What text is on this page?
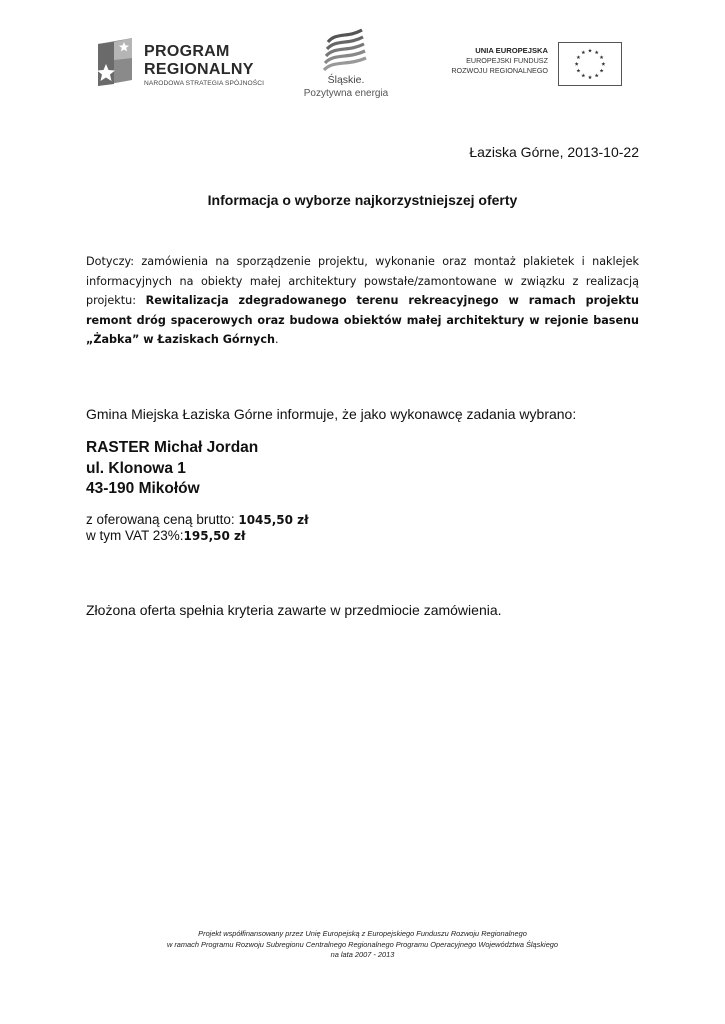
PROGRAM
REGIONALNY
NARODOWA STRATEGIA SPÓJNOŚCI	Śląskie.
Pozytywna energia
UNIA EUROPEJSKA
EUROPEJSKI FUNDUSZ
ROZWOJU REGIONALNEGO
Łaziska Górne, 2013-10-22
Informacja o wyborze najkorzystniejszej oferty
Dotyczy: zamówienia na sporządzenie projektu, wykonanie oraz montaż plakietek i naklejek informacyjnych na obiekty małej architektury powstałe/zamontowane w związku z realizacją projektu: Rewitalizacja zdegradowanego terenu rekreacyjnego w ramach projektu remont dróg spacerowych oraz budowa obiektów małej architektury w rejonie basenu „Żabka” w Łaziskach Górnych.
Gmina Miejska Łaziska Górne informuje, że jako wykonawcę zadania wybrano:
RASTER Michał Jordan
ul. Klonowa 1
43-190 Mikołów
z oferowaną ceną brutto: 1045,50 zł
w tym VAT 23%:195,50 zł
Złożona oferta spełnia kryteria zawarte w przedmiocie zamówienia.
Projekt współfinansowany przez Unię Europejską z Europejskiego Funduszu Rozwoju Regionalnego
w ramach Programu Rozwoju Subregionu Centralnego Regionalnego Programu Operacyjnego Województwa Śląskiego
na lata 2007 - 2013
